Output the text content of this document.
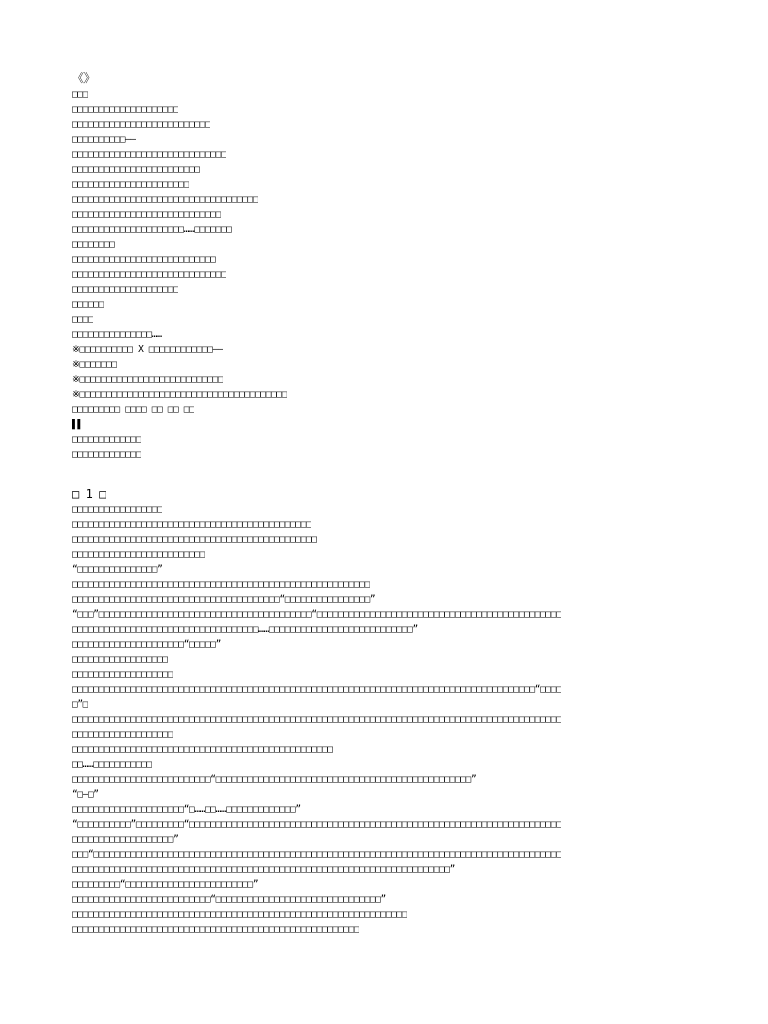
《》
□□□
□□□□□□□□□□□□□□□□□□□□
□□□□□□□□□□□□□□□□□□□□□□□□□□
□□□□□□□□□□——
□□□□□□□□□□□□□□□□□□□□□□□□□□□□□
□□□□□□□□□□□□□□□□□□□□□□□□
□□□□□□□□□□□□□□□□□□□□□□
□□□□□□□□□□□□□□□□□□□□□□□□□□□□□□□□□□□
□□□□□□□□□□□□□□□□□□□□□□□□□□□□
□□□□□□□□□□□□□□□□□□□□□……□□□□□□□
□□□□□□□□
□□□□□□□□□□□□□□□□□□□□□□□□□□□
□□□□□□□□□□□□□□□□□□□□□□□□□□□□□
□□□□□□□□□□□□□□□□□□□□
□□□□□□
□□□□
□□□□□□□□□□□□□□□……
※□□□□□□□□□□ X □□□□□□□□□□□□——
※□□□□□□□
※□□□□□□□□□□□□□□□□□□□□□□□□□□□
※□□□□□□□□□□□□□□□□□□□□□□□□□□□□□□□□□□□□□□□
□□□□□□□□□ □□□□ □□ □□ □□
▌▌
□□□□□□□□□□□□□
□□□□□□□□□□□□□
□ 1 □
□□□□□□□□□□□□□□□□□
□□□□□□□□□□□□□□□□□□□□□□□□□□□□□□□□□□□□□□□□□□□□□
□□□□□□□□□□□□□□□□□□□□□□□□□□□□□□□□□□□□□□□□□□□□□□
□□□□□□□□□□□□□□□□□□□□□□□□□
“□□□□□□□□□□□□□□□”
□□□□□□□□□□□□□□□□□□□□□□□□□□□□□□□□□□□□□□□□□□□□□□□□□□□□□□□□
□□□□□□□□□□□□□□□□□□□□□□□□□□□□□□□□□□□□□□□“□□□□□□□□□□□□□□□□”
“□□□”□□□□□□□□□□□□□□□□□□□□□□□□□□□□□□□□□□□□□□□□“□□□□□□□□□□□□□□□□□□□□□□□□□□□□□□□□□□□□□□□□□□□□□□
□□□□□□□□□□□□□□□□□□□□□□□□□□□□□□□□□□□……□□□□□□□□□□□□□□□□□□□□□□□□□□□”
□□□□□□□□□□□□□□□□□□□□□“□□□□□”
□□□□□□□□□□□□□□□□□□
□□□□□□□□□□□□□□□□□□□
□□□□□□□□□□□□□□□□□□□□□□□□□□□□□□□□□□□□□□□□□□□□□□□□□□□□□□□□□□□□□□□□□□□□□□□□□□□□□□□□□□□□□□□“□□□□
□”□
□□□□□□□□□□□□□□□□□□□□□□□□□□□□□□□□□□□□□□□□□□□□□□□□□□□□□□□□□□□□□□□□□□□□□□□□□□□□□□□□□□□□□□□□□□□□
□□□□□□□□□□□□□□□□□□□
□□□□□□□□□□□□□□□□□□□□□□□□□□□□□□□□□□□□□□□□□□□□□□□□□
□□……□□□□□□□□□□□
□□□□□□□□□□□□□□□□□□□□□□□□□□“□□□□□□□□□□□□□□□□□□□□□□□□□□□□□□□□□□□□□□□□□□□□□□□□”
“□—□”
□□□□□□□□□□□□□□□□□□□□□“□……□□……□□□□□□□□□□□□□”
“□□□□□□□□□□”□□□□□□□□□“□□□□□□□□□□□□□□□□□□□□□□□□□□□□□□□□□□□□□□□□□□□□□□□□□□□□□□□□□□□□□□□□□□□□□□
□□□□□□□□□□□□□□□□□□□”
□□□“□□□□□□□□□□□□□□□□□□□□□□□□□□□□□□□□□□□□□□□□□□□□□□□□□□□□□□□□□□□□□□□□□□□□□□□□□□□□□□□□□□□□□□□□
□□□□□□□□□□□□□□□□□□□□□□□□□□□□□□□□□□□□□□□□□□□□□□□□□□□□□□□□□□□□□□□□□□□□□□□”
□□□□□□□□□“□□□□□□□□□□□□□□□□□□□□□□□□”
□□□□□□□□□□□□□□□□□□□□□□□□□□“□□□□□□□□□□□□□□□□□□□□□□□□□□□□□□□”
□□□□□□□□□□□□□□□□□□□□□□□□□□□□□□□□□□□□□□□□□□□□□□□□□□□□□□□□□□□□□□□
□□□□□□□□□□□□□□□□□□□□□□□□□□□□□□□□□□□□□□□□□□□□□□□□□□□□□□
